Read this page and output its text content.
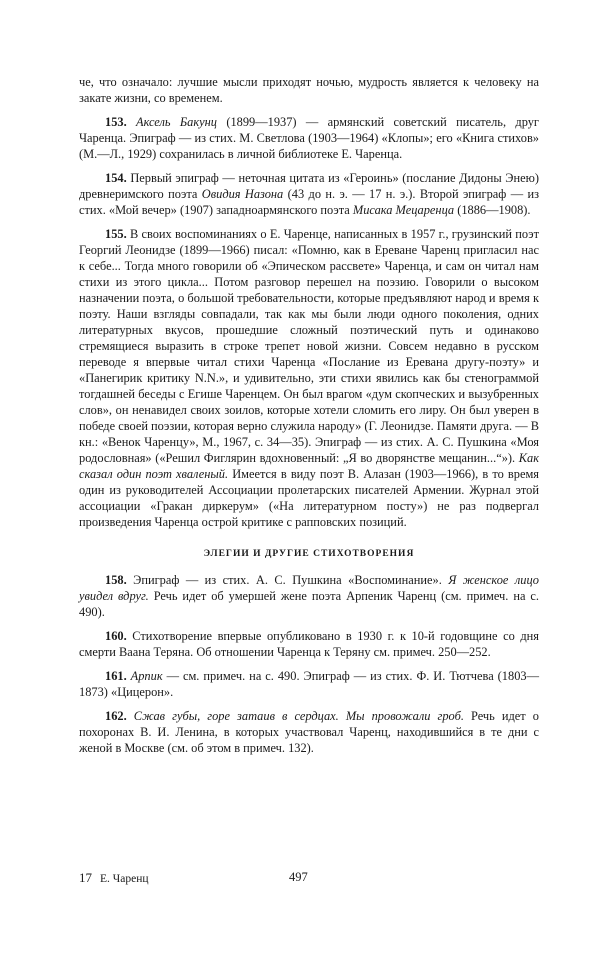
че, что означало: лучшие мысли приходят ночью, мудрость является к человеку на закате жизни, со временем.

153. Аксель Бакунц (1899—1937) — армянский советский писатель, друг Чаренца. Эпиграф — из стих. М. Светлова (1903—1964) «Клопы»; его «Книга стихов» (М.—Л., 1929) сохранилась в личной библиотеке Е. Чаренца.

154. Первый эпиграф — неточная цитата из «Героинь» (послание Дидоны Энею) древнеримского поэта Овидия Назона (43 до н. э. — 17 н. э.). Второй эпиграф — из стих. «Мой вечер» (1907) западноармянского поэта Мисака Мецаренца (1886—1908).

155. В своих воспоминаниях о Е. Чаренце, написанных в 1957 г., грузинский поэт Георгий Леонидзе (1899—1966) писал: «Помню, как в Ереване Чаренц пригласил нас к себе... Тогда много говорили об «Эпическом рассвете» Чаренца, и сам он читал нам стихи из этого цикла... Потом разговор перешел на поэзию. Говорили о высоком назначении поэта, о большой требовательности, которые предъявляют народ и время к поэту. Наши взгляды совпадали, так как мы были люди одного поколения, одних литературных вкусов, прошедшие сложный поэтический путь и одинаково стремящиеся выразить в строке трепет новой жизни. Совсем недавно в русском переводе я впервые читал стихи Чаренца «Послание из Еревана другу-поэту» и «Панегирик критику N.N.», и удивительно, эти стихи явились как бы стенограммой тогдашней беседы с Егише Чаренцем. Он был врагом «дум скопческих и вызубренных слов», он ненавидел своих зоилов, которые хотели сломить его лиру. Он был уверен в победе своей поэзии, которая верно служила народу» (Г. Леонидзе. Памяти друга. — В кн.: «Венок Чаренцу», М., 1967, с. 34—35). Эпиграф — из стих. А. С. Пушкина «Моя родословная» («Решил Фиглярин вдохновенный: „Я во дворянстве мещанин...“»). Как сказал один поэт хваленый. Имеется в виду поэт В. Алазан (1903—1966), в то время один из руководителей Ассоциации пролетарских писателей Армении. Журнал этой ассоциации «Гракан диркерум» («На литературном посту») не раз подвергал произведения Чаренца острой критике с рапповских позиций.

ЭЛЕГИИ И ДРУГИЕ СТИХОТВОРЕНИЯ

158. Эпиграф — из стих. А. С. Пушкина «Воспоминание». Я женское лицо увидел вдруг. Речь идет об умершей жене поэта Арпеник Чаренц (см. примеч. на с. 490).

160. Стихотворение впервые опубликовано в 1930 г. к 10-й годовщине со дня смерти Ваана Теряна. Об отношении Чаренца к Теряну см. примеч. 250—252.

161. Арпик — см. примеч. на с. 490. Эпиграф — из стих. Ф. И. Тютчева (1803—1873) «Цицерон».

162. Сжав губы, горе затаив в сердцах. Мы провожали гроб. Речь идет о похоронах В. И. Ленина, в которых участвовал Чаренц, находившийся в те дни с женой в Москве (см. об этом в примеч. 132).

17 Е. Чаренц	497
